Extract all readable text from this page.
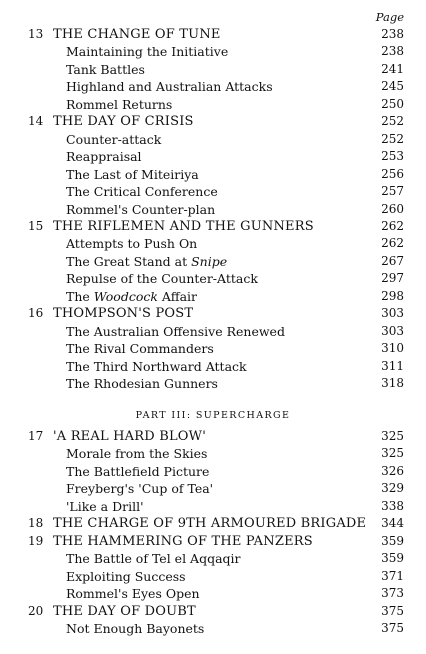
Page
13 THE CHANGE OF TUNE	238
Maintaining the Initiative	238
Tank Battles	241
Highland and Australian Attacks	245
Rommel Returns	250
14 THE DAY OF CRISIS	252
Counter-attack	252
Reappraisal	253
The Last of Miteiriya	256
The Critical Conference	257
Rommel's Counter-plan	260
15 THE RIFLEMEN AND THE GUNNERS	262
Attempts to Push On	262
The Great Stand at Snipe	267
Repulse of the Counter-Attack	297
The Woodcock Affair	298
16 THOMPSON'S POST	303
The Australian Offensive Renewed	303
The Rival Commanders	310
The Third Northward Attack	311
The Rhodesian Gunners	318
PART III: SUPERCHARGE
17 'A REAL HARD BLOW'	325
Morale from the Skies	325
The Battlefield Picture	326
Freyberg's 'Cup of Tea'	329
'Like a Drill'	338
18 THE CHARGE OF 9TH ARMOURED BRIGADE 344
19 THE HAMMERING OF THE PANZERS	359
The Battle of Tel el Aqqaqir	359
Exploiting Success	371
Rommel's Eyes Open	373
20 THE DAY OF DOUBT	375
Not Enough Bayonets	375
